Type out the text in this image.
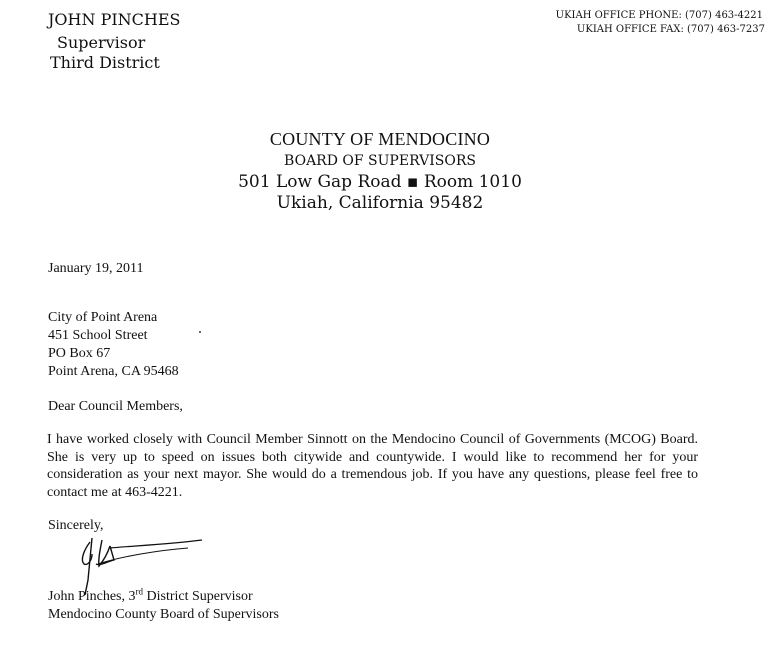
JOHN PINCHES
Supervisor
Third District
UKIAH OFFICE PHONE: (707) 463-4221
UKIAH OFFICE FAX: (707) 463-7237
COUNTY OF MENDOCINO
BOARD OF SUPERVISORS
501 Low Gap Road ▪ Room 1010
Ukiah, California 95482
January 19, 2011
City of Point Arena
451 School Street
PO Box 67
Point Arena, CA 95468
Dear Council Members,
I have worked closely with Council Member Sinnott on the Mendocino Council of Governments (MCOG) Board. She is very up to speed on issues both citywide and countywide. I would like to recommend her for your consideration as your next mayor. She would do a tremendous job. If you have any questions, please feel free to contact me at 463-4221.
Sincerely,
John Pinches, 3rd District Supervisor
Mendocino County Board of Supervisors
